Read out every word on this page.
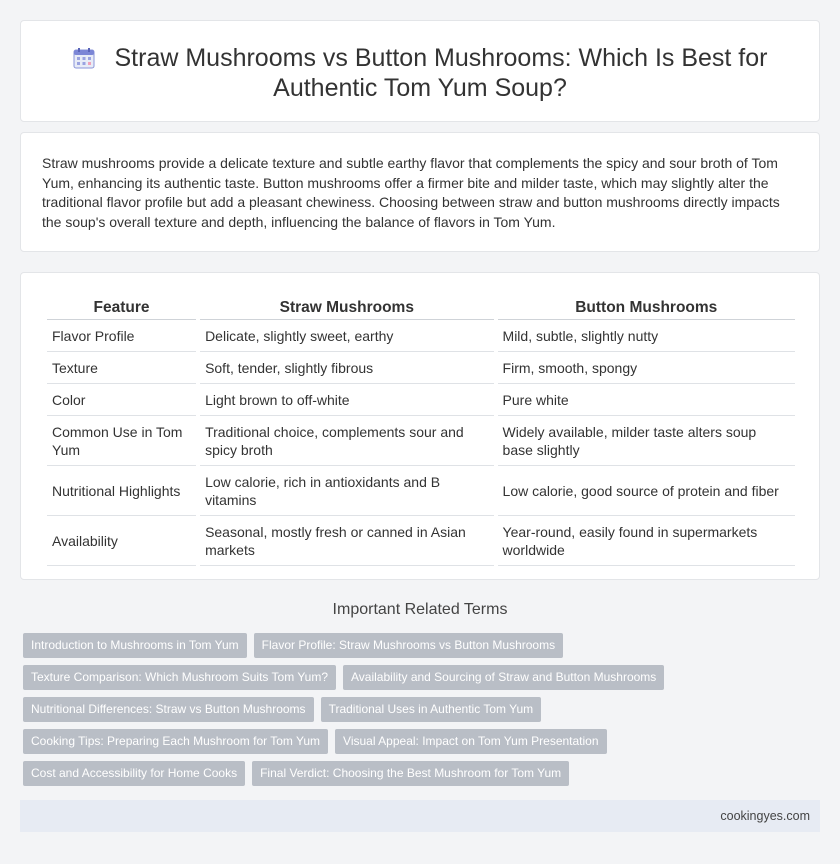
Straw Mushrooms vs Button Mushrooms: Which Is Best for Authentic Tom Yum Soup?

Straw mushrooms provide a delicate texture and subtle earthy flavor that complements the spicy and sour broth of Tom Yum, enhancing its authentic taste. Button mushrooms offer a firmer bite and milder taste, which may slightly alter the traditional flavor profile but add a pleasant chewiness. Choosing between straw and button mushrooms directly impacts the soup's overall texture and depth, influencing the balance of flavors in Tom Yum.

Feature	Straw Mushrooms	Button Mushrooms
Flavor Profile	Delicate, slightly sweet, earthy	Mild, subtle, slightly nutty
Texture	Soft, tender, slightly fibrous	Firm, smooth, spongy
Color	Light brown to off-white	Pure white
Common Use in Tom Yum	Traditional choice, complements sour and spicy broth	Widely available, milder taste alters soup base slightly
Nutritional Highlights	Low calorie, rich in antioxidants and B vitamins	Low calorie, good source of protein and fiber
Availability	Seasonal, mostly fresh or canned in Asian markets	Year-round, easily found in supermarkets worldwide
Important Related Terms
Introduction to Mushrooms in Tom Yum	Flavor Profile: Straw Mushrooms vs Button Mushrooms
Texture Comparison: Which Mushroom Suits Tom Yum?	Availability and Sourcing of Straw and Button Mushrooms
Nutritional Differences: Straw vs Button Mushrooms	Traditional Uses in Authentic Tom Yum
Cooking Tips: Preparing Each Mushroom for Tom Yum	Visual Appeal: Impact on Tom Yum Presentation
Cost and Accessibility for Home Cooks	Final Verdict: Choosing the Best Mushroom for Tom Yum
cookingyes.com
